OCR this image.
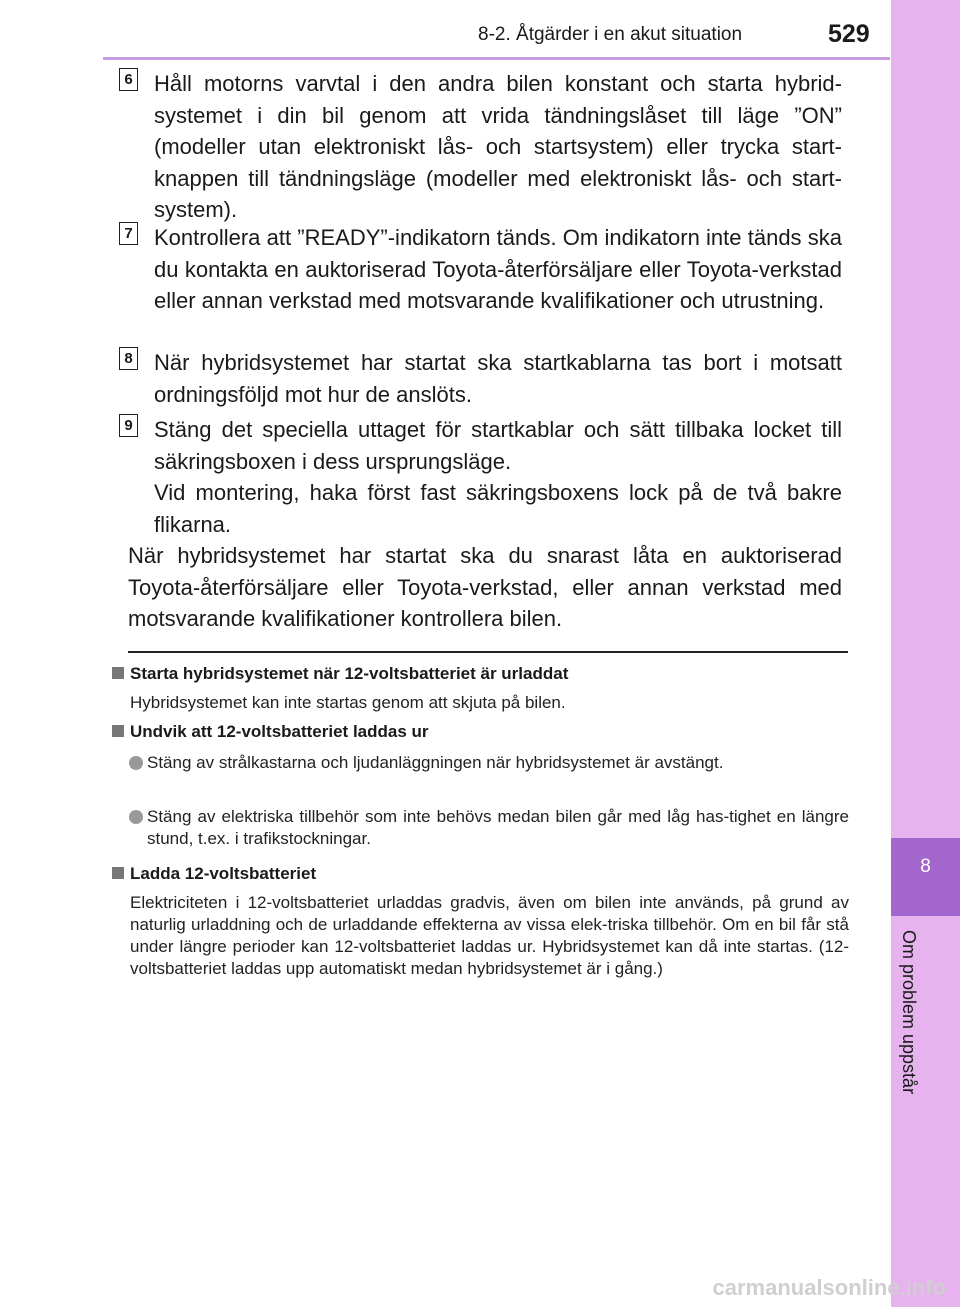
8-2. Åtgärder i en akut situation	529
8
Om problem uppstår
6 Håll motorns varvtal i den andra bilen konstant och starta hybrid-systemet i din bil genom att vrida tändningslåset till läge ”ON” (modeller utan elektroniskt lås- och startsystem) eller trycka start-knappen till tändningsläge (modeller med elektroniskt lås- och start-system).
7 Kontrollera att ”READY”-indikatorn tänds. Om indikatorn inte tänds ska du kontakta en auktoriserad Toyota-återförsäljare eller Toyota-verkstad eller annan verkstad med motsvarande kvalifikationer och utrustning.
8 När hybridsystemet har startat ska startkablarna tas bort i motsatt ordningsföljd mot hur de anslöts.
9 Stäng det speciella uttaget för startkablar och sätt tillbaka locket till säkringsboxen i dess ursprungsläge.
Vid montering, haka först fast säkringsboxens lock på de två bakre flikarna.
När hybridsystemet har startat ska du snarast låta en auktoriserad Toyota-återförsäljare eller Toyota-verkstad, eller annan verkstad med motsvarande kvalifikationer kontrollera bilen.
Starta hybridsystemet när 12-voltsbatteriet är urladdat
Hybridsystemet kan inte startas genom att skjuta på bilen.
Undvik att 12-voltsbatteriet laddas ur
Stäng av strålkastarna och ljudanläggningen när hybridsystemet är avstängt.
Stäng av elektriska tillbehör som inte behövs medan bilen går med låg has-tighet en längre stund, t.ex. i trafikstockningar.
Ladda 12-voltsbatteriet
Elektriciteten i 12-voltsbatteriet urladdas gradvis, även om bilen inte används, på grund av naturlig urladdning och de urladdande effekterna av vissa elek-triska tillbehör. Om en bil får stå under längre perioder kan 12-voltsbatteriet laddas ur. Hybridsystemet kan då inte startas. (12-voltsbatteriet laddas upp automatiskt medan hybridsystemet är i gång.)
carmanualsonline.info
